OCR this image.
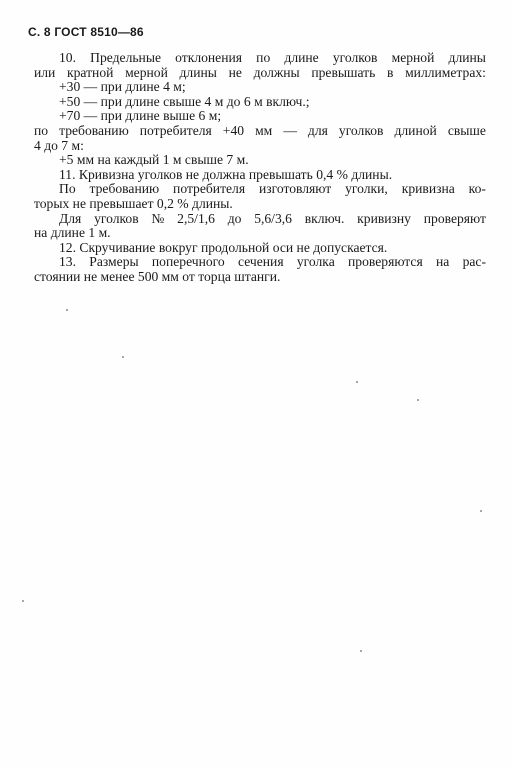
С. 8 ГОСТ 8510—86
10. Предельные отклонения по длине уголков мерной длины
или кратной мерной длины не должны превышать в миллиметрах:
+30 — при длине 4 м;
+50 — при длине свыше 4 м до 6 м включ.;
+70 — при длине выше 6 м;
по требованию потребителя +40 мм — для уголков длиной свыше
4 до 7 м:
+5 мм на каждый 1 м свыше 7 м.
11. Кривизна уголков не должна превышать 0,4 % длины.
По требованию потребителя изготовляют уголки, кривизна ко-
торых не превышает 0,2 % длины.
Для уголков № 2,5/1,6 до 5,6/3,6 включ. кривизну проверяют
на длине 1 м.
12. Скручивание вокруг продольной оси не допускается.
13. Размеры поперечного сечения уголка проверяются на рас-
стоянии не менее 500 мм от торца штанги.
